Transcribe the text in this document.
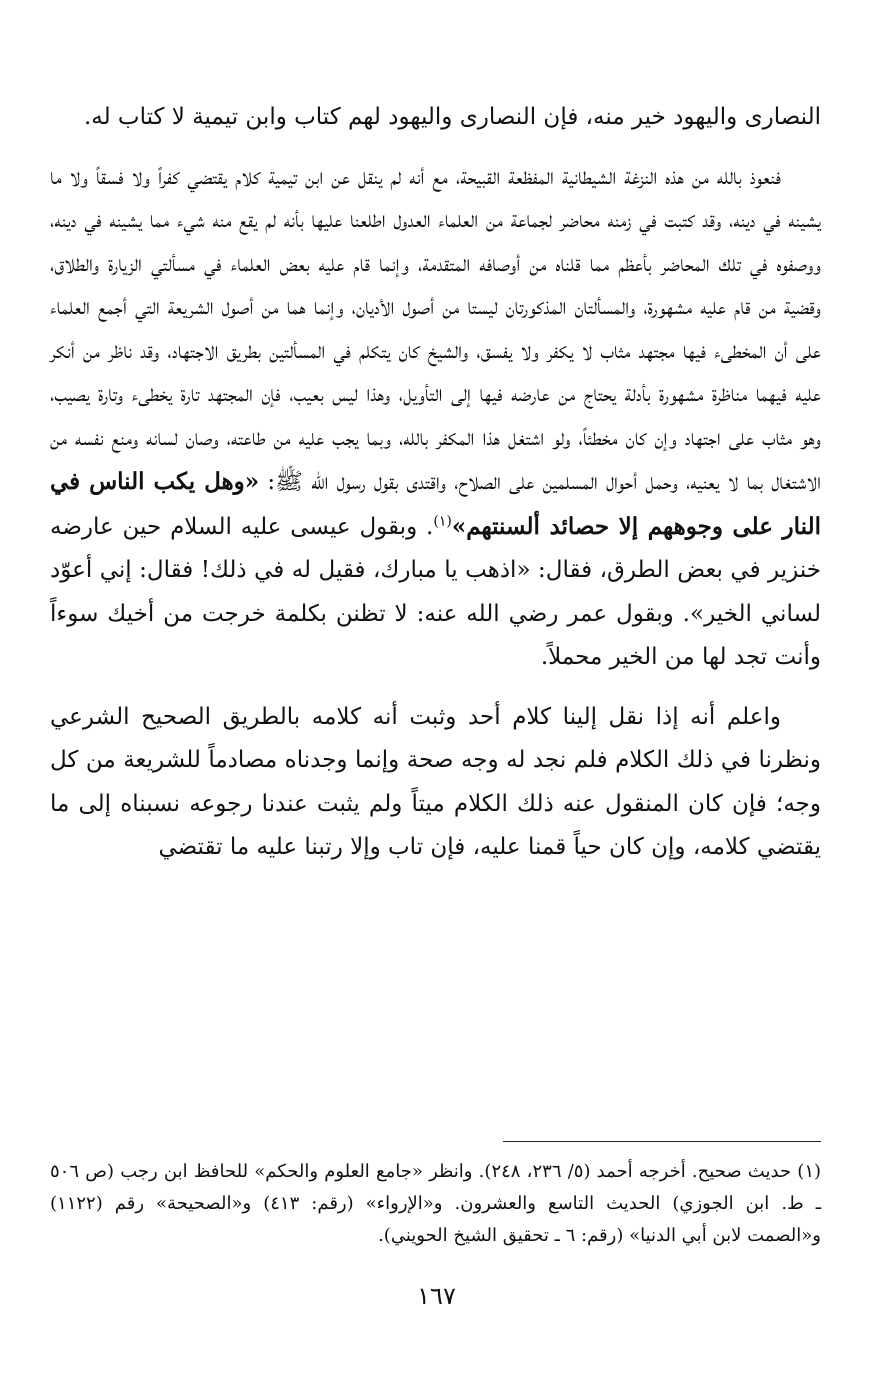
النصارى واليهود خير منه، فإن النصارى واليهود لهم كتاب وابن تيمية لا كتاب له.

فنعوذ بالله من هذه النزغة الشيطانية المفظعة القبيحة، مع أنه لم ينقل عن ابن تيمية كلام يقتضي كفراً ولا فسقاً ولا ما يشينه في دينه، وقد كتبت في زمنه محاضر لجماعة من العلماء العدول اطلعنا عليها بأنه لم يقع منه شيء مما يشينه في دينه، ووصفوه في تلك المحاضر بأعظم مما قلناه من أوصافه المتقدمة، وإنما قام عليه بعض العلماء في مسألتي الزيارة والطلاق، وقضية من قام عليه مشهورة، والمسألتان المذكورتان ليستا من أصول الأديان، وإنما هما من أصول الشريعة التي أجمع العلماء على أن المخطىء فيها مجتهد مثاب لا يكفر ولا يفسق، والشيخ كان يتكلم في المسألتين بطريق الاجتهاد، وقد ناظر من أنكر عليه فيهما مناظرة مشهورة بأدلة يحتاج من عارضه فيها إلى التأويل، وهذا ليس بعيب، فإن المجتهد تارة يخطىء وتارة يصيب، وهو مثاب على اجتهاد وإن كان مخطئاً، ولو اشتغل هذا المكفر بالله، وبما يجب عليه من طاعته، وصان لسانه ومنع نفسه من الاشتغال بما لا يعنيه، وحمل أحوال المسلمين على الصلاح، واقتدى بقول رسول الله ﷺ: «وهل يكب الناس في النار على وجوههم إلا حصائد ألسنتهم»$^{(١)}$. وبقول عيسى عليه السلام حين عارضه خنزير في بعض الطرق، فقال: «اذهب يا مبارك، فقيل له في ذلك! فقال: إني أعوّد لساني الخير». وبقول عمر رضي الله عنه: لا تظنن بكلمة خرجت من أخيك سوءاً وأنت تجد لها من الخير محملاً.

واعلم أنه إذا نقل إلينا كلام أحد وثبت أنه كلامه بالطريق الصحيح الشرعي ونظرنا في ذلك الكلام فلم نجد له وجه صحة وإنما وجدناه مصادماً للشريعة من كل وجه؛ فإن كان المنقول عنه ذلك الكلام ميتاً ولم يثبت عندنا رجوعه نسبناه إلى ما يقتضي كلامه، وإن كان حياً قمنا عليه، فإن تاب وإلا رتبنا عليه ما تقتضي

(١) حديث صحيح. أخرجه أحمد (٥/ ٢٣٦، ٢٤٨). وانظر «جامع العلوم والحكم» للحافظ ابن رجب (ص ٥٠٦ ـ ط. ابن الجوزي) الحديث التاسع والعشرون. و«الإرواء» (رقم: ٤١٣) و«الصحيحة» رقم (١١٢٢) و«الصمت لابن أبي الدنيا» (رقم: ٦ ـ تحقيق الشيخ الحويني).

١٦٧
